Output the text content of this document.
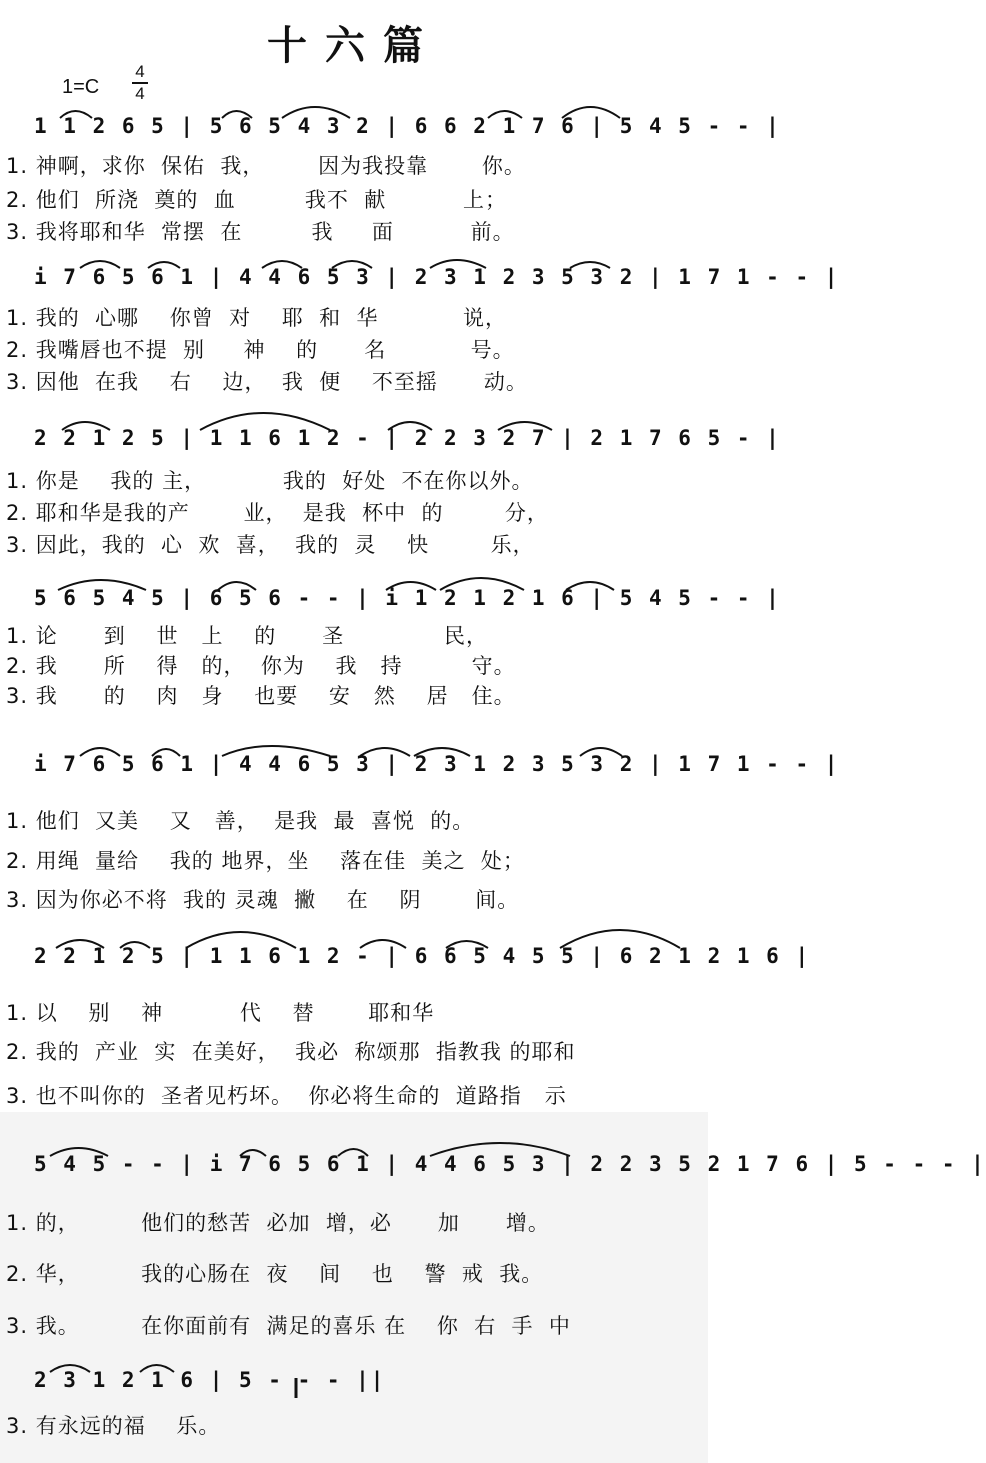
十六篇
1=C
4
4
1 1 2 6 5 | 5 6 5 4 3 2 | 6 6 2 1 7 6 | 5 4 5 - - |
1. 神啊，求你  保佑  我，       因为我投靠       你。
2. 他们  所浇  奠的  血         我不  献          上；
3. 我将耶和华  常摆  在         我     面          前。
i 7 6 5 6 1 | 4 4 6 5 3 | 2 3 1 2 3 5 3 2 | 1 7 1 - - |
1. 我的  心哪    你曾  对    耶  和  华           说，
2. 我嘴唇也不提  别     神    的      名           号。
3. 因他  在我    右    边，  我  便    不至摇      动。
2 2 1 2 5 | 1 1 6 1 2 - | 2 2 3 2 7 | 2 1 7 6 5 - |
1. 你是    我的 主，          我的  好处  不在你以外。
2. 耶和华是我的产       业，  是我  杯中  的        分，
3. 因此，我的  心  欢  喜，  我的  灵    快        乐，
5 6 5 4 5 | 6 5 6 - - | i 1 2 1 2 1 6 | 5 4 5 - - |
1. 论      到    世   上    的      圣             民，
2. 我      所    得   的，  你为    我   持         守。
3. 我      的    肉   身    也要    安   然    居   住。
i 7 6 5 6 1 | 4 4 6 5 3 | 2 3 1 2 3 5 3 2 | 1 7 1 - - |
1. 他们  又美    又   善，  是我  最  喜悦  的。
2. 用绳  量给    我的 地界，坐    落在佳  美之  处；
3. 因为你必不将  我的 灵魂  撇    在    阴       间。
2 2 1 2 5 | 1 1 6 1 2 - | 6 6 5 4 5 5 | 6 2 1 2 1 6 |
1. 以    别    神          代    替       耶和华
2. 我的  产业  实  在美好，  我必  称颂那  指教我 的耶和
3. 也不叫你的  圣者见朽坏。  你必将生命的  道路指   示
5 4 5 - - | i 7 6 5 6 1 | 4 4 6 5 3 | 2 2 3 5 2 1 7 6 | 5 - - - |
1. 的，        他们的愁苦  必加  增，必      加      增。
2. 华，        我的心肠在  夜    间    也    警  戒  我。
3. 我。        在你面前有  满足的喜乐 在    你  右  手  中
2 3 1 2 1 6 | 5 - - - ||
3. 有永远的福    乐。
